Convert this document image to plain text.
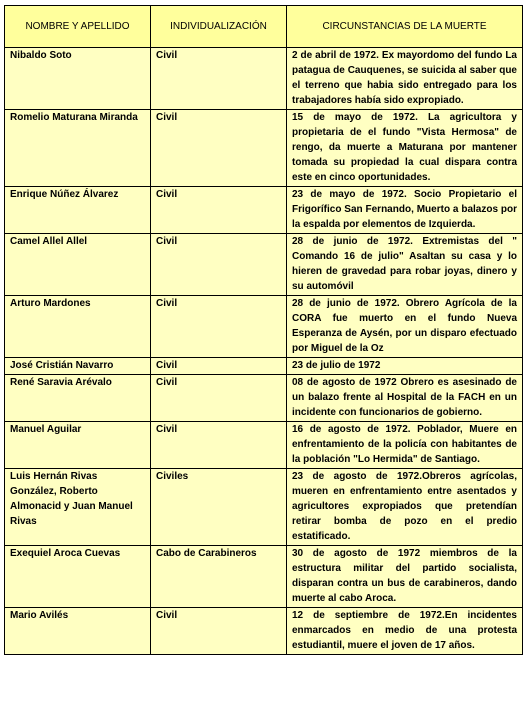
NOMBRE Y APELLIDO	INDIVIDUALIZACIÓN	CIRCUNSTANCIAS DE LA MUERTE
Nibaldo Soto	Civil	2 de abril de 1972. Ex mayordomo del fundo La patagua de Cauquenes, se suicida al saber que el terreno que habia sido entregado para los trabajadores había sido expropiado.
Romelio Maturana Miranda	Civil	15 de mayo de 1972. La agricultora y propietaria de el fundo "Vista Hermosa" de rengo, da muerte a Maturana por mantener tomada su propiedad la cual dispara contra este en cinco oportunidades.
Enrique Núñez Álvarez	Civil	23 de mayo de 1972. Socio Propietario el Frigorífico San Fernando, Muerto a balazos por la espalda por elementos de Izquierda.
Camel Allel Allel	Civil	28 de junio de 1972. Extremistas del " Comando 16 de julio" Asaltan su casa y lo hieren de gravedad para robar joyas, dinero y su automóvil
Arturo Mardones	Civil	28 de junio de 1972. Obrero Agrícola de la CORA fue muerto en el fundo Nueva Esperanza de Aysén, por un disparo efectuado por Miguel de la Oz
José Cristián Navarro	Civil	23 de julio de 1972
René Saravia Arévalo	Civil	08 de agosto de 1972 Obrero es asesinado de un balazo frente al Hospital de la FACH en un incidente con funcionarios de gobierno.
Manuel Aguilar	Civil	16 de agosto de 1972. Poblador, Muere en enfrentamiento de la policía con habitantes de la población "Lo Hermida" de Santiago.
Luis Hernán Rivas González, Roberto Almonacid y Juan Manuel Rivas	Civiles	23 de agosto de 1972.Obreros agrícolas, mueren en enfrentamiento entre asentados y agricultores expropiados que pretendían retirar bomba de pozo en el predio estatificado.
Exequiel Aroca Cuevas	Cabo de Carabineros	30 de agosto de 1972 miembros de la estructura militar del partido socialista, disparan contra un bus de carabineros, dando muerte al cabo Aroca.
Mario Avilés	Civil	12 de septiembre de 1972.En incidentes enmarcados en medio de una protesta estudiantil, muere el joven de 17 años.
